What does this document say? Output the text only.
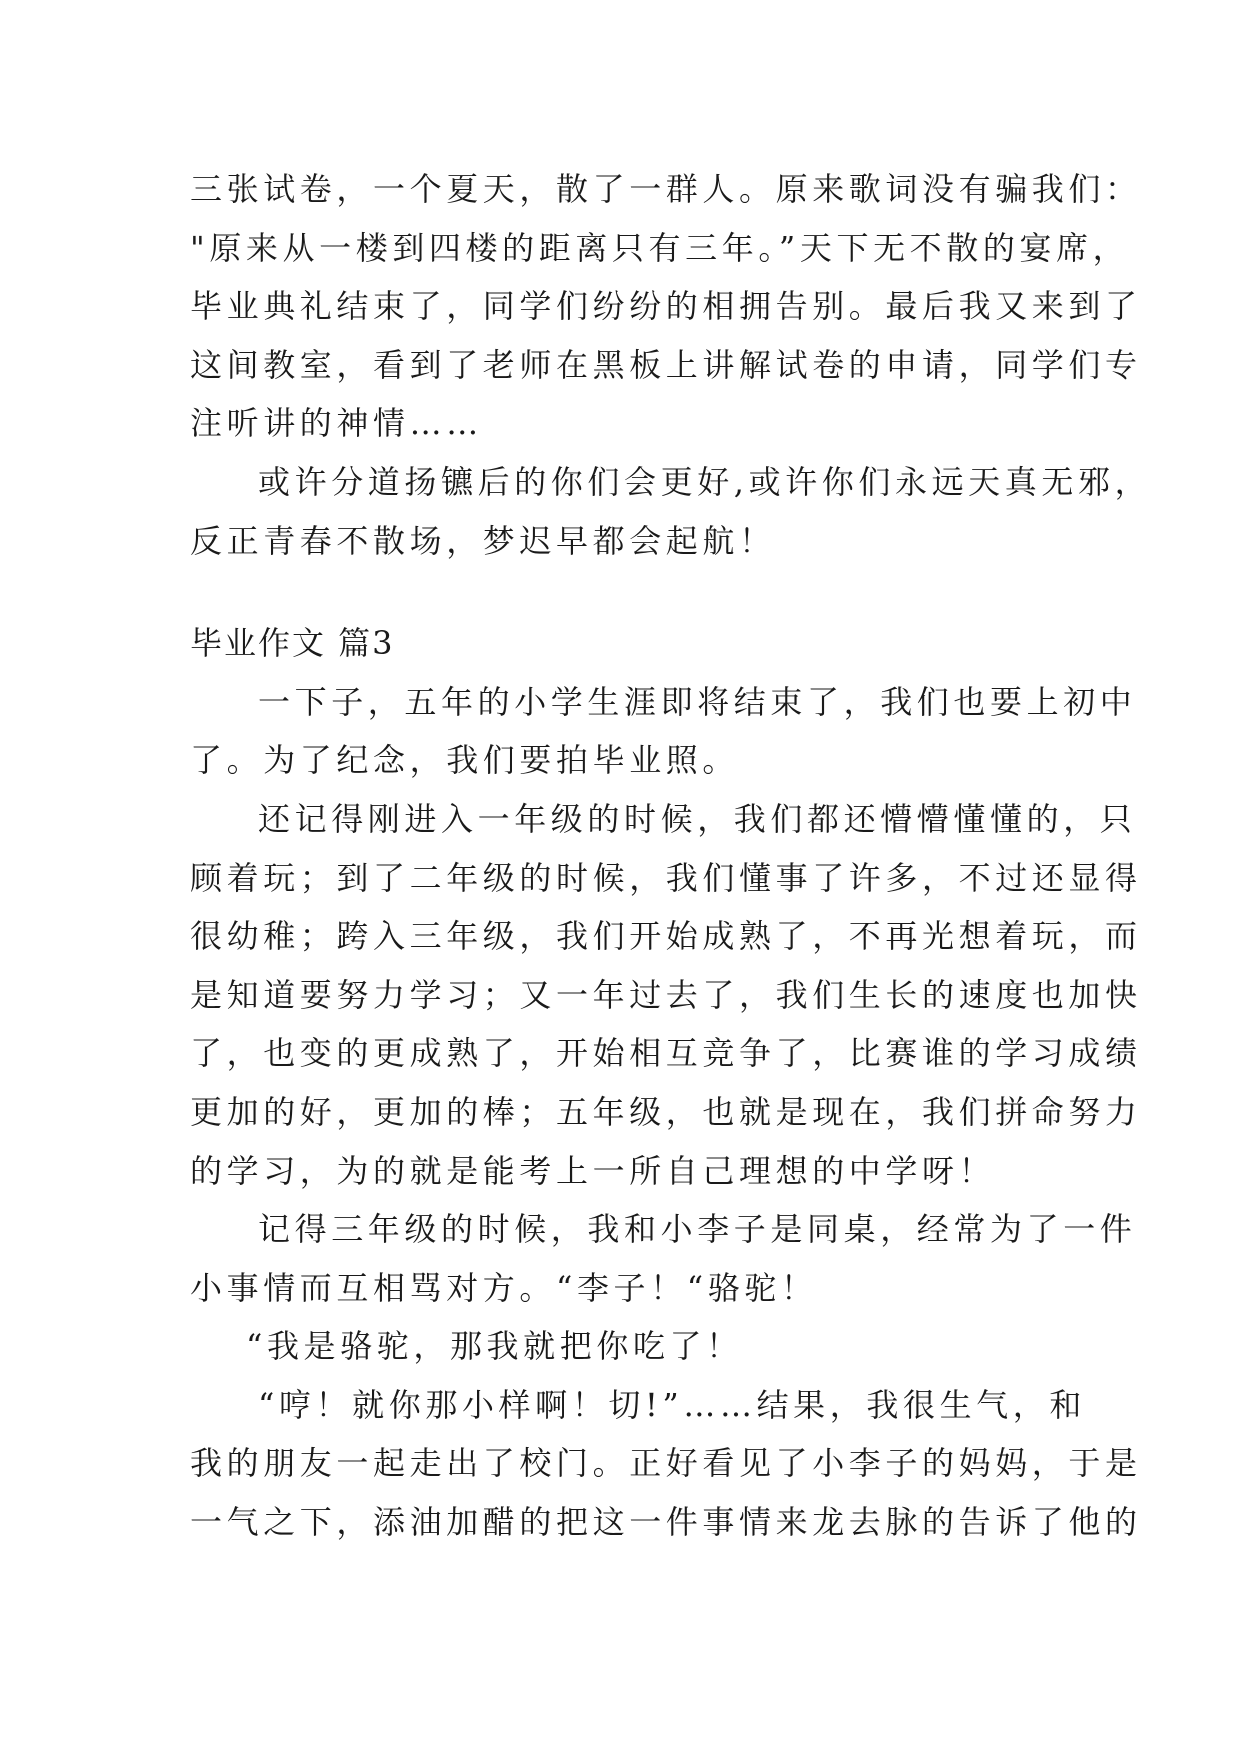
三张试卷，一个夏天，散了一群人。原来歌词没有骗我们：
"原来从一楼到四楼的距离只有三年。”天下无不散的宴席，
毕业典礼结束了，同学们纷纷的相拥告别。最后我又来到了
这间教室，看到了老师在黑板上讲解试卷的申请，同学们专
注听讲的神情……
或许分道扬镳后的你们会更好,或许你们永远天真无邪，
反正青春不散场，梦迟早都会起航！
毕业作文 篇3
一下子，五年的小学生涯即将结束了，我们也要上初中
了。为了纪念，我们要拍毕业照。
还记得刚进入一年级的时候，我们都还懵懵懂懂的，只
顾着玩；到了二年级的时候，我们懂事了许多，不过还显得
很幼稚；跨入三年级，我们开始成熟了，不再光想着玩，而
是知道要努力学习；又一年过去了，我们生长的速度也加快
了，也变的更成熟了，开始相互竞争了，比赛谁的学习成绩
更加的好，更加的棒；五年级，也就是现在，我们拼命努力
的学习，为的就是能考上一所自己理想的中学呀！
记得三年级的时候，我和小李子是同桌，经常为了一件
小事情而互相骂对方。“李子！“骆驼！
“我是骆驼，那我就把你吃了！
“哼！就你那小样啊！切!”……结果，我很生气，和
我的朋友一起走出了校门。正好看见了小李子的妈妈，于是
一气之下，添油加醋的把这一件事情来龙去脉的告诉了他的
